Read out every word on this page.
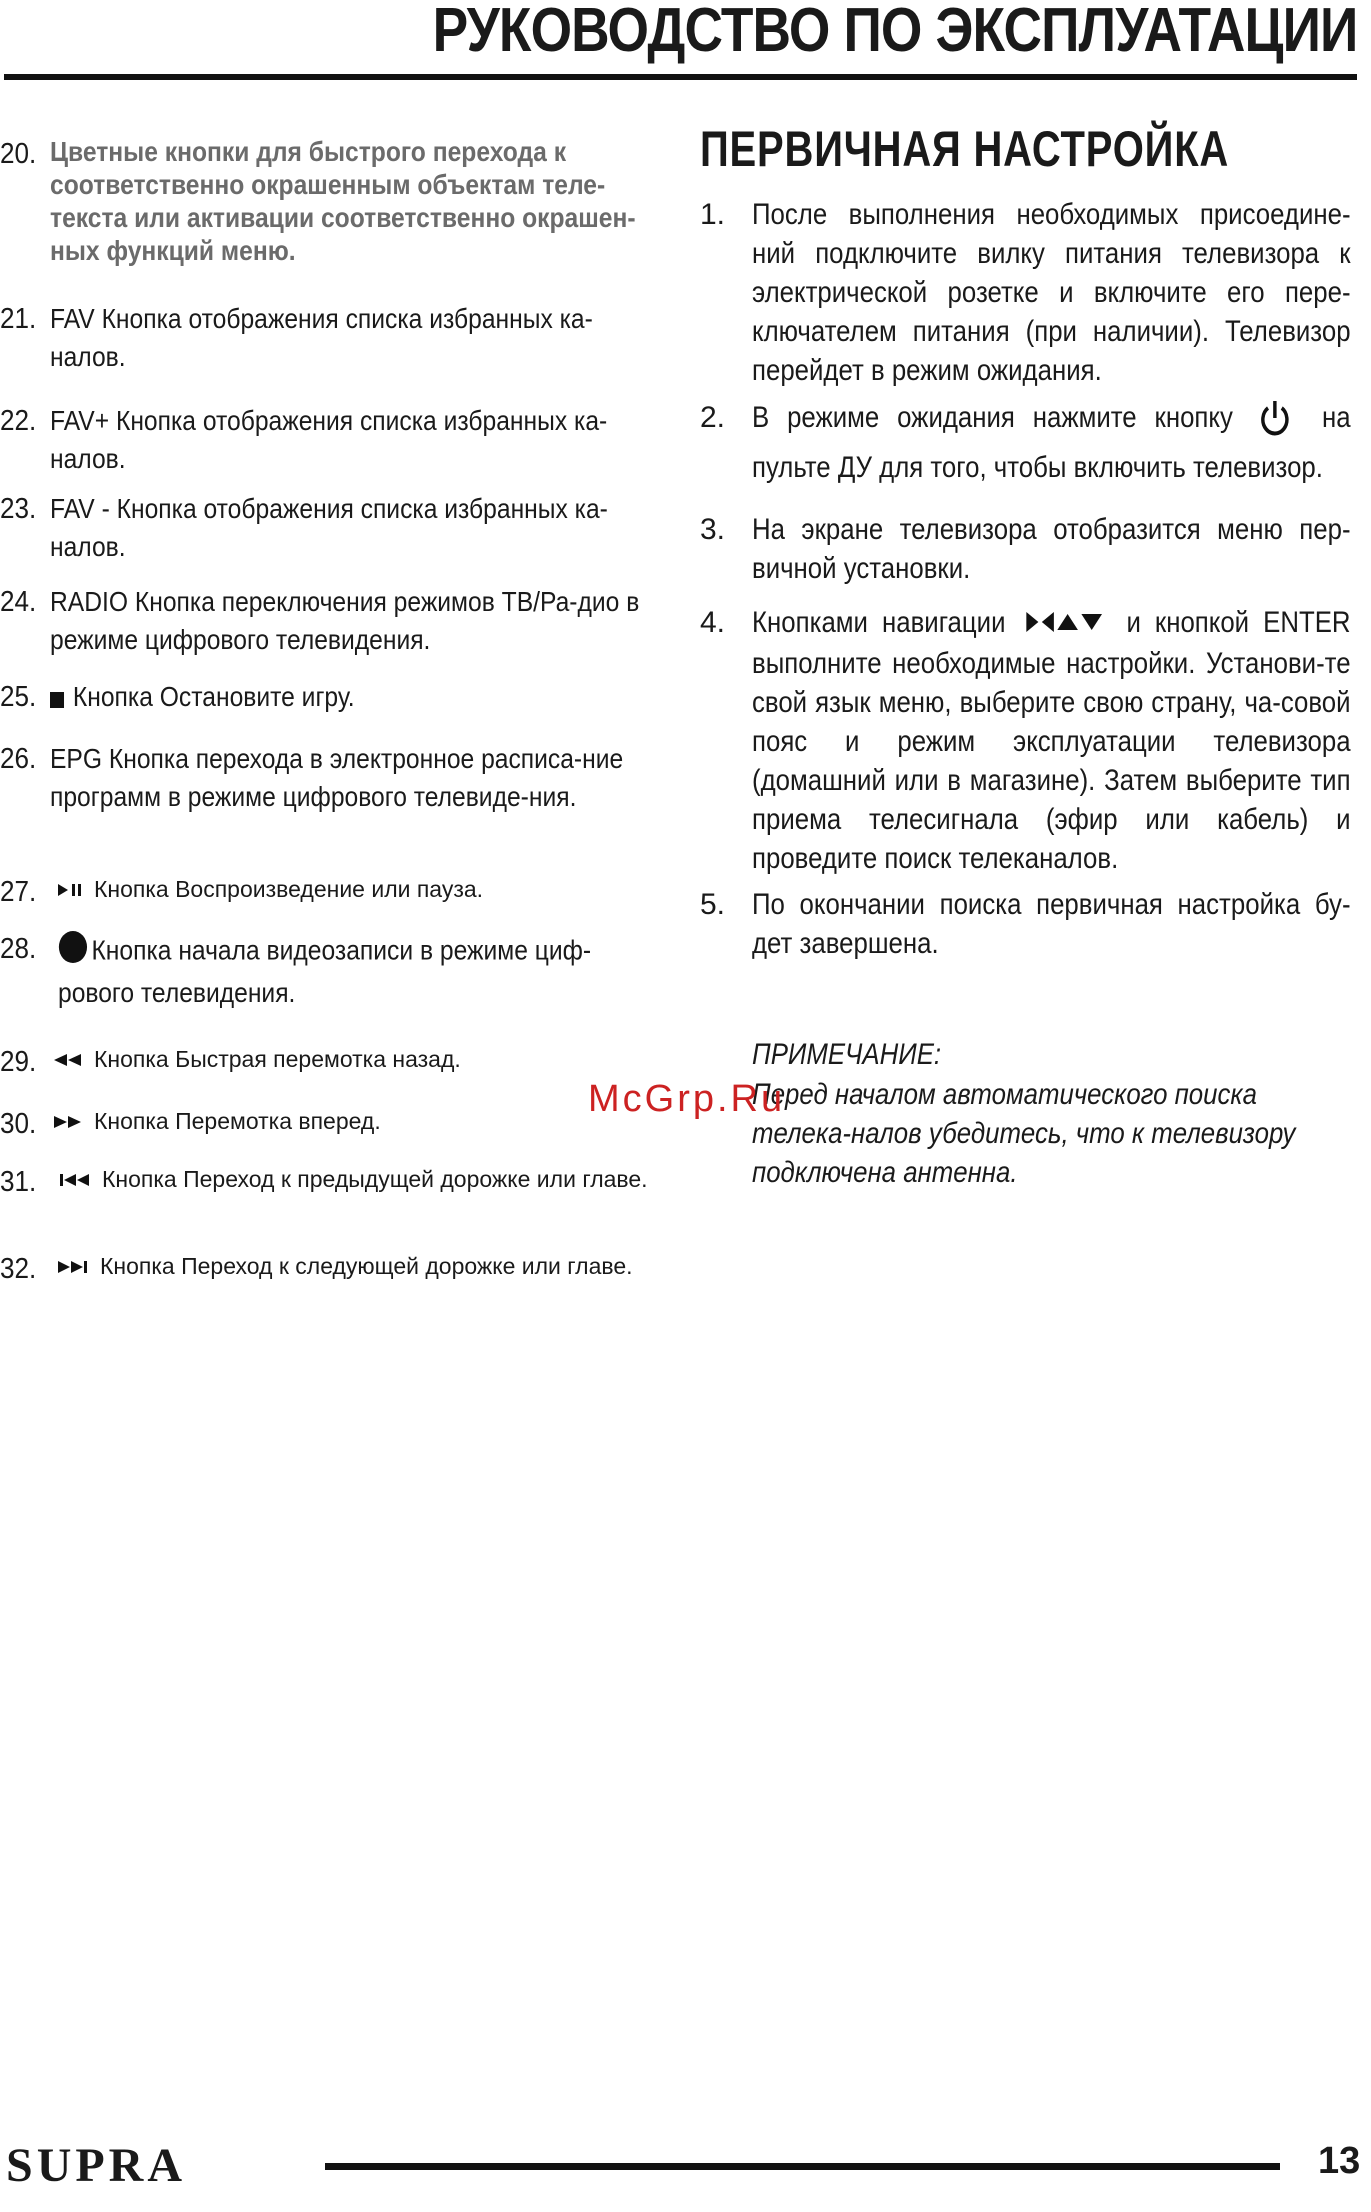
РУКОВОДСТВО ПО ЭКСПЛУАТАЦИИ
20. Цветные кнопки для быстрого перехода к соответственно окрашенным объектам теле-текста или активации соответственно окрашен-ных функций меню.
21. FAV Кнопка отображения списка избранных ка-налов.
22. FAV+ Кнопка отображения списка избранных ка-налов.
23. FAV - Кнопка отображения списка избранных ка-налов.
24. RADIO Кнопка переключения режимов ТВ/Ра-дио в режиме цифрового телевидения.
25.	Кнопка Остановите игру.
26. EPG Кнопка перехода в электронное расписа-ние программ в режиме цифрового телевиде-ния.
27.	Кнопка Воспроизведение или пауза.
28.	Кнопка начала видеозаписи в режиме циф-рового телевидения.
29.	Кнопка Быстрая перемотка назад.
30.	Кнопка Перемотка вперед.
31.	Кнопка Переход к предыдущей дорожке или главе.
32.	Кнопка Переход к следующей дорожке или главе.
ПЕРВИЧНАЯ НАСТРОЙКА
1. После выполнения необходимых присоедине-ний подключите вилку питания телевизора к электрической розетке и включите его пере-ключателем питания (при наличии). Телевизор перейдет в режим ожидания.
2. В режиме ожидания нажмите кнопку	на пульте ДУ для того, чтобы включить телевизор.
3. На экране телевизора отобразится меню пер-вичной установки.
4. Кнопками навигации	и кнопкой ENTER выполните необходимые настройки. Установи-те свой язык меню, выберите свою страну, ча-совой пояс и режим эксплуатации телевизора (домашний или в магазине). Затем выберите тип приема телесигнала (эфир или кабель) и проведите поиск телеканалов.
5. По окончании поиска первичная настройка бу-дет завершена.
ПРИМЕЧАНИЕ:
Перед началом автоматического поиска телека-налов убедитесь, что к телевизору подключена антенна.
McGrp.Ru
SUPRA	13
